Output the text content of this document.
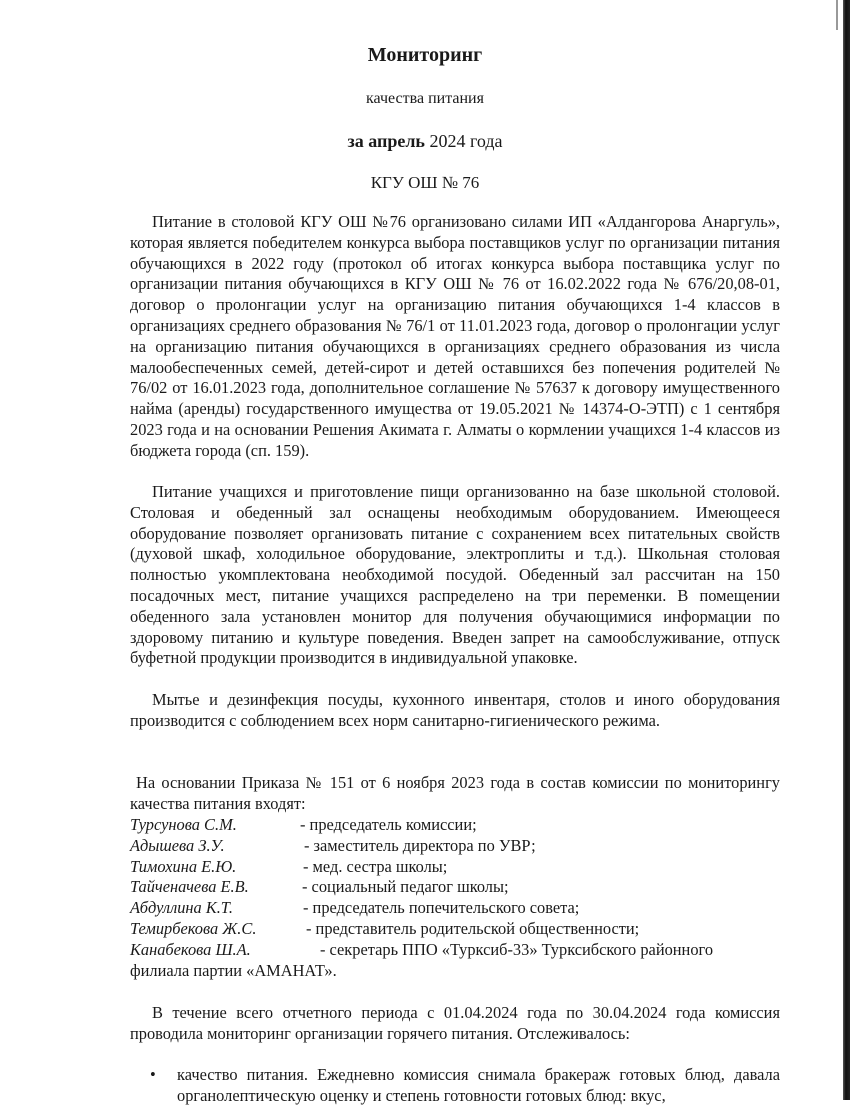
Мониторинг
качества питания
за апрель 2024 года
КГУ ОШ № 76

Питание в столовой КГУ ОШ №76 организовано силами ИП «Алдангорова Анаргуль», которая является победителем конкурса выбора поставщиков услуг по организации питания обучающихся в 2022 году (протокол об итогах конкурса выбора поставщика услуг по организации питания обучающихся в КГУ ОШ № 76 от 16.02.2022 года № 676/20,08-01, договор о пролонгации услуг на организацию питания обучающихся 1-4 классов в организациях среднего образования № 76/1 от 11.01.2023 года, договор о пролонгации услуг на организацию питания обучающихся в организациях среднего образования из числа малообеспеченных семей, детей-сирот и детей оставшихся без попечения родителей № 76/02 от 16.01.2023 года, дополнительное соглашение № 57637 к договору имущественного найма (аренды) государственного имущества от 19.05.2021 № 14374-О-ЭТП) с 1 сентября 2023 года и на основании Решения Акимата г. Алматы о кормлении учащихся 1-4 классов из бюджета города (сп. 159).

Питание учащихся и приготовление пищи организованно на базе школьной столовой. Столовая и обеденный зал оснащены необходимым оборудованием. Имеющееся оборудование позволяет организовать питание с сохранением всех питательных свойств (духовой шкаф, холодильное оборудование, электроплиты и т.д.). Школьная столовая полностью укомплектована необходимой посудой. Обеденный зал рассчитан на 150 посадочных мест, питание учащихся распределено на три переменки. В помещении обеденного зала установлен монитор для получения обучающимися информации по здоровому питанию и культуре поведения. Введен запрет на самообслуживание, отпуск буфетной продукции производится в индивидуальной упаковке.

Мытье и дезинфекция посуды, кухонного инвентаря, столов и иного оборудования производится с соблюдением всех норм санитарно-гигиенического режима.

На основании Приказа № 151 от 6 ноября 2023 года в состав комиссии по мониторингу качества питания входят:

Турсунова С.М.	- председатель комиссии;
Адышева З.У.	- заместитель директора по УВР;
Тимохина Е.Ю.	- мед. сестра школы;
Тайченачева Е.В.	- социальный педагог школы;
Абдуллина К.Т.	- председатель попечительского совета;
Темирбекова Ж.С.	- представитель родительской общественности;
Канабекова Ш.А.	- секретарь ППО «Турксиб-33» Турксибского районного
филиала партии «АМАНАТ».

В течение всего отчетного периода с 01.04.2024 года по 30.04.2024 года комиссия проводила мониторинг организации горячего питания. Отслеживалось:

• качество питания. Ежедневно комиссия снимала бракераж готовых блюд, давала органолептическую оценку и степень готовности готовых блюд: вкус,
